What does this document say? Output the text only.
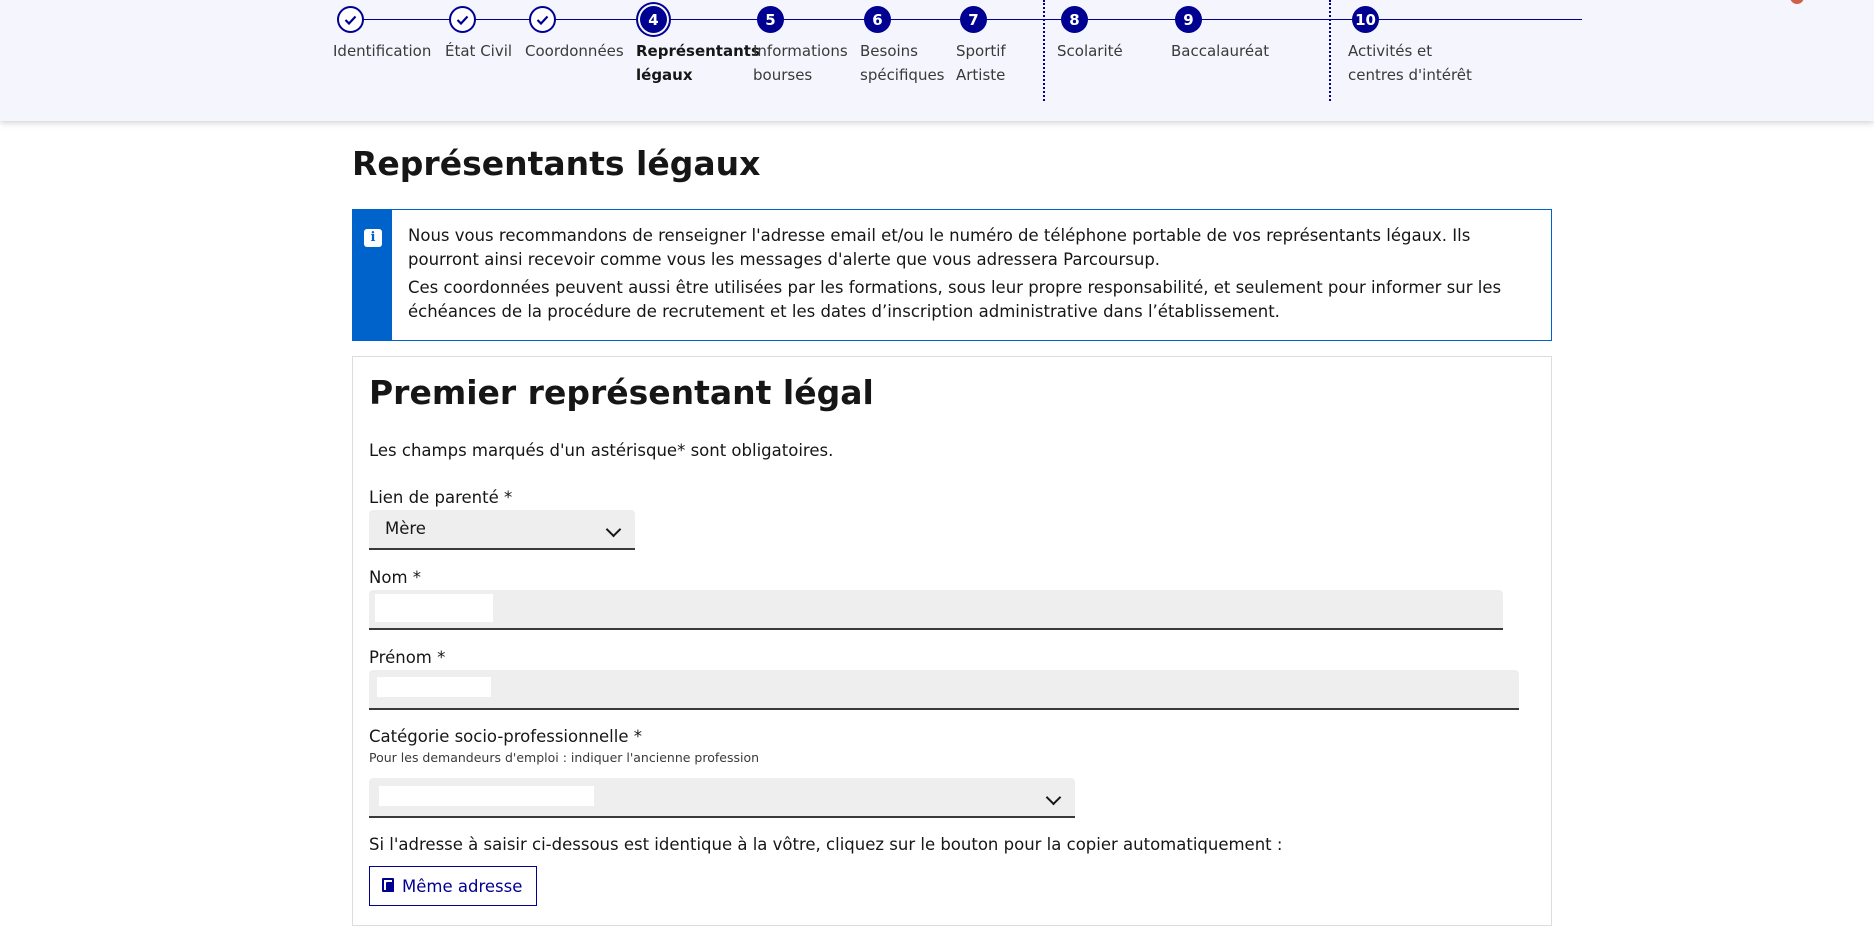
Identification État Civil Coordonnées
4
Représentants
légaux
5
Informations
bourses
6
Besoins
spécifiques
7
Sportif
Artiste
8
Scolarité
9
Baccalauréat
10
Activités et
centres d'intérêt
Représentants légaux
i	Nous vous recommandons de renseigner l'adresse email et/ou le numéro de téléphone portable de vos représentants légaux. Ils pourront ainsi recevoir comme vous les messages d'alerte que vous adressera Parcoursup.

Ces coordonnées peuvent aussi être utilisées par les formations, sous leur propre responsabilité, et seulement pour informer sur les échéances de la procédure de recrutement et les dates d’inscription administrative dans l’établissement.

Premier représentant légal
Les champs marqués d'un astérisque* sont obligatoires.
Lien de parenté *
Mère
Nom *
Prénom *
Catégorie socio-professionnelle *
Pour les demandeurs d'emploi : indiquer l'ancienne profession
Si l'adresse à saisir ci-dessous est identique à la vôtre, cliquez sur le bouton pour la copier automatiquement :
Même adresse
